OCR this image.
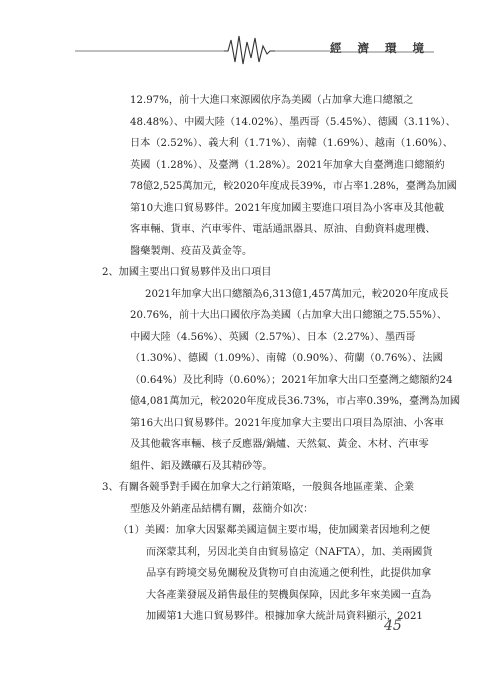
經 濟 環 境
12.97%，前十大進口來源國依序為美國（占加拿大進口總額之
48.48%）、中國大陸（14.02%）、墨西哥（5.45%）、德國（3.11%）、
日本（2.52%）、義大利（1.71%）、南韓（1.69%）、越南（1.60%）、
英國（1.28%）、及臺灣（1.28%）。2021年加拿大自臺灣進口總額約
78億2,525萬加元，較2020年度成長39%，市占率1.28%，臺灣為加國
第10大進口貿易夥伴。2021年度加國主要進口項目為小客車及其他載
客車輛、貨車、汽車零件、電話通訊器具、原油、自動資料處理機、
醫藥製劑、疫苗及黃金等。
2、加國主要出口貿易夥伴及出口項目
2021年加拿大出口總額為6,313億1,457萬加元，較2020年度成長
20.76%，前十大出口國依序為美國（占加拿大出口總額之75.55%）、
中國大陸（4.56%）、英國（2.57%）、日本（2.27%）、墨西哥
（1.30%）、德國（1.09%）、南韓（0.90%）、荷蘭（0.76%）、法國
（0.64%）及比利時（0.60%）；2021年加拿大出口至臺灣之總額約24
億4,081萬加元，較2020年度成長36.73%，市占率0.39%，臺灣為加國
第16大出口貿易夥伴。2021年度加拿大主要出口項目為原油、小客車
及其他載客車輛、核子反應器/鍋爐、天然氣、黃金、木材、汽車零
組件、鋁及鐵礦石及其精砂等。
3、有關各競爭對手國在加拿大之行銷策略，一般與各地區產業、企業
型態及外銷產品結構有關，茲簡介如次：
（1）美國：加拿大因緊鄰美國這個主要市場，使加國業者因地利之便
而深蒙其利，另因北美自由貿易協定（NAFTA），加、美兩國貨
品享有跨境交易免關稅及貨物可自由流通之便利性，此提供加拿
大各產業發展及銷售最佳的契機與保障，因此多年來美國一直為
加國第1大進口貿易夥伴。根據加拿大統計局資料顯示，2021
45
